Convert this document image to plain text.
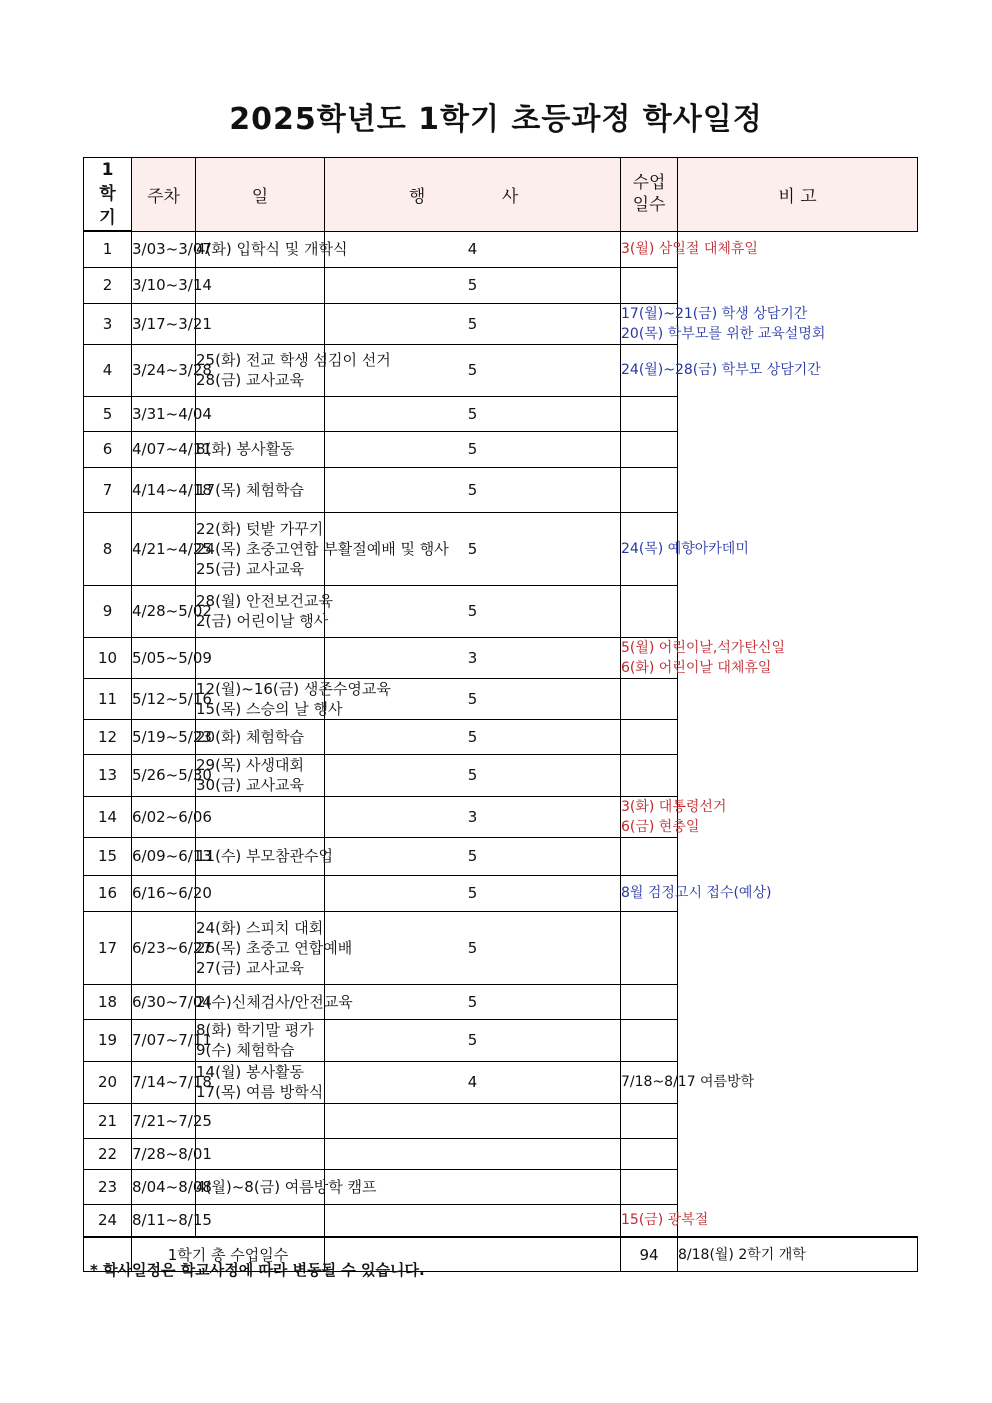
2025학년도 1학기 초등과정 학사일정
1
학
기	주차	일	행　 사	수업
일수	비 고
1	3/03~3/07	4(화) 입학식 및 개학식	4	3(월) 삼일절 대체휴일	

2	3/10~3/14		5		
3	3/17~3/21		5	17(월)~21(금) 학생 상담기간
20(목) 학부모를 위한 교육설명회	

4	3/24~3/28	25(화) 전교 학생 섬김이 선거
28(금) 교사교육	5	24(월)~28(금) 학부모 상담기간	

5	3/31~4/04		5		
6	4/07~4/11	8(화) 봉사활동	5		
7	4/14~4/18	17(목) 체험학습	5		
8	4/21~4/25	22(화) 텃밭 가꾸기
24(목) 초중고연합 부활절예배 및 행사
25(금) 교사교육	5	24(목) 예향아카데미	

9	4/28~5/02	28(월) 안전보건교육
2(금) 어린이날 행사	5		
10	5/05~5/09		3	5(월) 어린이날,석가탄신일
6(화) 어린이날 대체휴일	

11	5/12~5/16	12(월)~16(금) 생존수영교육
15(목) 스승의 날 행사	5		
12	5/19~5/23	20(화) 체험학습	5		
13	5/26~5/30	29(목) 사생대회
30(금) 교사교육	5		
14	6/02~6/06		3	3(화) 대통령선거
6(금) 현충일	

15	6/09~6/13	11(수) 부모참관수업	5		
16	6/16~6/20		5	8월 검정고시 접수(예상)	

17	6/23~6/27	24(화) 스피치 대회
26(목) 초중고 연합예배
27(금) 교사교육	5		
18	6/30~7/04	2(수)신체검사/안전교육	5		
19	7/07~7/11	8(화) 학기말 평가
9(수) 체험학습	5		
20	7/14~7/18	14(월) 봉사활동
17(목) 여름 방학식	4	7/18~8/17 여름방학	

21	7/21~7/25				
22	7/28~8/01				
23	8/04~8/08	4(월)~8(금) 여름방학 캠프			

24	8/11~8/15			15(금) 광복절	

	1학기 총 수업일수			94	8/18(월) 2학기 개학
* 학사일정은 학교사정에 따라 변동될 수 있습니다.
